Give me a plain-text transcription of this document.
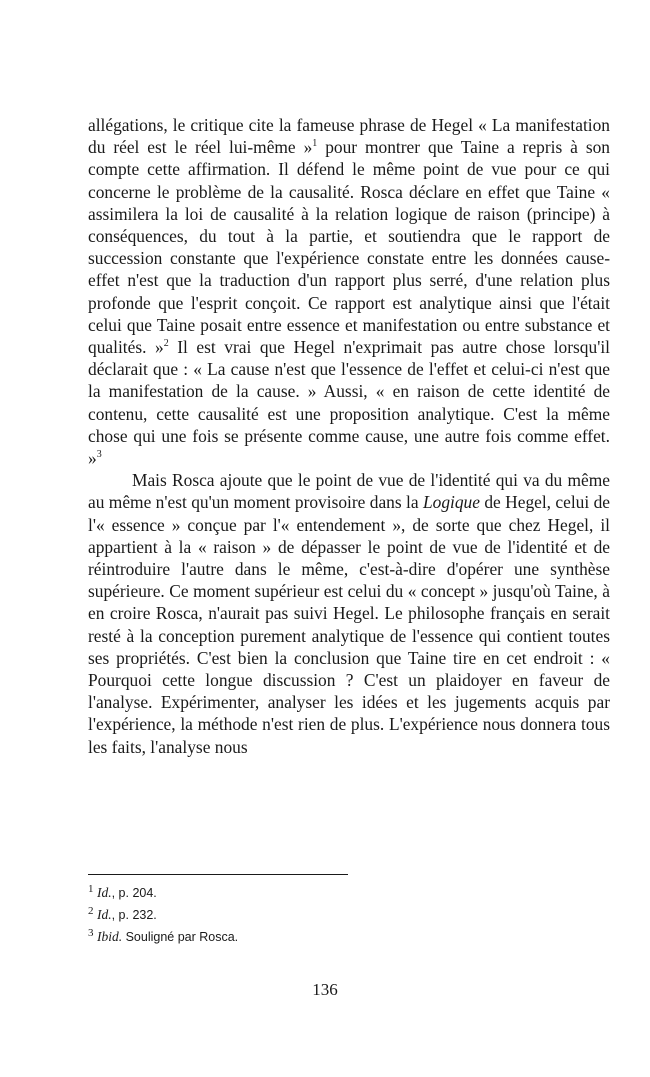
allégations, le critique cite la fameuse phrase de Hegel « La manifestation du réel est le réel lui-même »$^1$ pour montrer que Taine a repris à son compte cette affirmation. Il défend le même point de vue pour ce qui concerne le problème de la causalité. Rosca déclare en effet que Taine « assimilera la loi de causalité à la relation logique de raison (principe) à conséquences, du tout à la partie, et soutiendra que le rapport de succession constante que l'expérience constate entre les données cause-effet n'est que la traduction d'un rapport plus serré, d'une relation plus profonde que l'esprit conçoit. Ce rapport est analytique ainsi que l'était celui que Taine posait entre essence et manifestation ou entre substance et qualités. »$^2$ Il est vrai que Hegel n'exprimait pas autre chose lorsqu'il déclarait que : « La cause n'est que l'essence de l'effet et celui-ci n'est que la manifestation de la cause. » Aussi, « en raison de cette identité de contenu, cette causalité est une proposition analytique. C'est la même chose qui une fois se présente comme cause, une autre fois comme effet. »$^3$

Mais Rosca ajoute que le point de vue de l'identité qui va du même au même n'est qu'un moment provisoire dans la Logique de Hegel, celui de l'« essence » conçue par l'« entendement », de sorte que chez Hegel, il appartient à la « raison » de dépasser le point de vue de l'identité et de réintroduire l'autre dans le même, c'est-à-dire d'opérer une synthèse supérieure. Ce moment supérieur est celui du « concept » jusqu'où Taine, à en croire Rosca, n'aurait pas suivi Hegel. Le philosophe français en serait resté à la conception purement analytique de l'essence qui contient toutes ses propriétés. C'est bien la conclusion que Taine tire en cet endroit : « Pourquoi cette longue discussion ? C'est un plaidoyer en faveur de l'analyse. Expérimenter, analyser les idées et les jugements acquis par l'expérience, la méthode n'est rien de plus. L'expérience nous donnera tous les faits, l'analyse nous

$^1$ Id., p. 204.
$^2$ Id., p. 232.
$^3$ Ibid. Souligné par Rosca.
136
